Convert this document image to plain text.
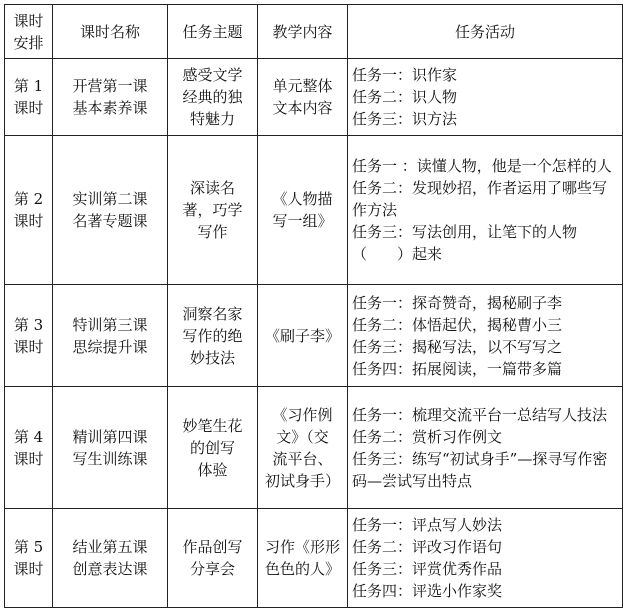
课时
安排	课时名称	任务主题	教学内容	任务活动
第 1
课时	开营第一课
基本素养课	感受文学
经典的独
特魅力	单元整体
文本内容	任务一：识作家
任务二：识人物
任务三：识方法

第 2
课时	实训第二课
名著专题课	深读名
著，巧学
写作	《人物描
写一组》	任务一 ：读懂人物，他是一个怎样的人
任务二：发现妙招，作者运用了哪些写作方法
任务三：写法创用，让笔下的人物（　　）起来

第 3
课时	特训第三课
思综提升课	洞察名家
写作的绝
妙技法	《刷子李》	任务一：探奇赞奇，揭秘刷子李
任务二：体悟起伏，揭秘曹小三
任务三：揭秘写法，以不写写之
任务四：拓展阅读，一篇带多篇

第 4
课时	精训第四课
写生训练课	妙笔生花
的创写
体验	《习作例
文》（交
流平台、
初试身手）	任务一：梳理交流平台一总结写人技法
任务二：赏析习作例文
任务三：练写“初试身手”—探寻写作密码—尝试写出特点

第 5
课时	结业第五课
创意表达课	作品创写
分享会	习作《形形
色色的人》	任务一：评点写人妙法
任务二：评改习作语句
任务三：评赏优秀作品
任务四：评选小作家奖
